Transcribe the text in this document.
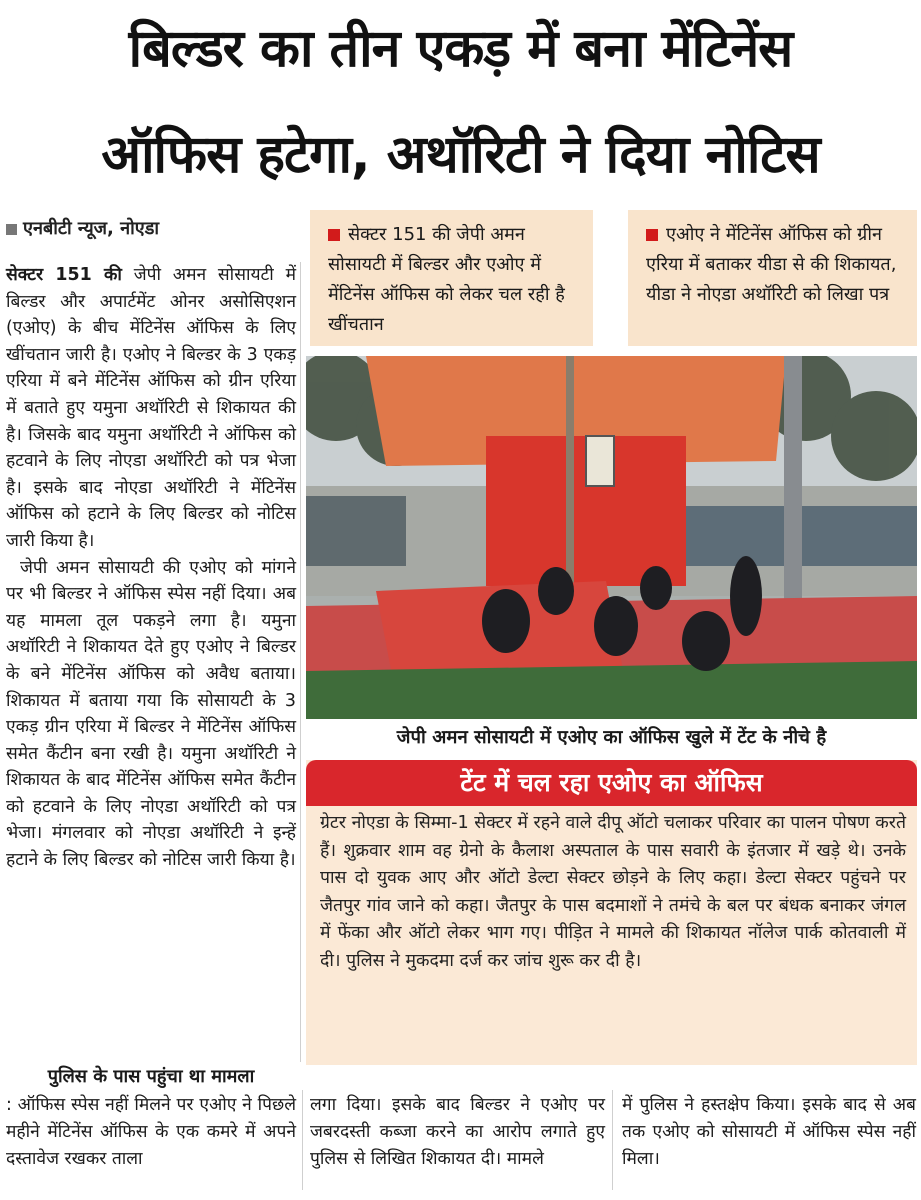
बिल्डर का तीन एकड़ में बना मेंटिनेंस
ऑफिस हटेगा, अथॉरिटी ने दिया नोटिस
एनबीटी न्यूज, नोएडा

सेक्टर 151 की जेपी अमन सोसायटी में बिल्डर और अपार्टमेंट ओनर असोसिएशन (एओए) के बीच मेंटिनेंस ऑफिस के लिए खींचतान जारी है। एओए ने बिल्डर के 3 एकड़ एरिया में बने मेंटिनेंस ऑफिस को ग्रीन एरिया में बताते हुए यमुना अथॉरिटी से शिकायत की है। जिसके बाद यमुना अथॉरिटी ने ऑफिस को हटवाने के लिए नोएडा अथॉरिटी को पत्र भेजा है। इसके बाद नोएडा अथॉरिटी ने मेंटिनेंस ऑफिस को हटाने के लिए बिल्डर को नोटिस जारी किया है।

जेपी अमन सोसायटी की एओए को मांगने पर भी बिल्डर ने ऑफिस स्पेस नहीं दिया। अब यह मामला तूल पकड़ने लगा है। यमुना अथॉरिटी ने शिकायत देते हुए एओए ने बिल्डर के बने मेंटिनेंस ऑफिस को अवैध बताया। शिकायत में बताया गया कि सोसायटी के 3 एकड़ ग्रीन एरिया में बिल्डर ने मेंटिनेंस ऑफिस समेत कैंटीन बना रखी है। यमुना अथॉरिटी ने शिकायत के बाद मेंटिनेंस ऑफिस समेत कैंटीन को हटवाने के लिए नोएडा अथॉरिटी को पत्र भेजा। मंगलवार को नोएडा अथॉरिटी ने इन्हें हटाने के लिए बिल्डर को नोटिस जारी किया है।

पुलिस के पास पहुंचा था मामला
: ऑफिस स्पेस नहीं मिलने पर एओए ने पिछले महीने मेंटिनेंस ऑफिस के एक कमरे में अपने दस्तावेज रखकर ताला
सेक्टर 151 की जेपी अमन सोसायटी में बिल्डर और एओए में मेंटिनेंस ऑफिस को लेकर चल रही है खींचतान
एओए ने मेंटिनेंस ऑफिस को ग्रीन एरिया में बताकर यीडा से की शिकायत, यीडा ने नोएडा अथॉरिटी को लिखा पत्र
जेपी अमन सोसायटी में एओए का ऑफिस खुले में टेंट के नीचे है
टेंट में चल रहा एओए का ऑफिस
ग्रेटर नोएडा के सिम्मा-1 सेक्टर में रहने वाले दीपू ऑटो चलाकर परिवार का पालन पोषण करते हैं। शुक्रवार शाम वह ग्रेनो के कैलाश अस्पताल के पास सवारी के इंतजार में खड़े थे। उनके पास दो युवक आए और ऑटो डेल्टा सेक्टर छोड़ने के लिए कहा। डेल्टा सेक्टर पहुंचने पर जैतपुर गांव जाने को कहा। जैतपुर के पास बदमाशों ने तमंचे के बल पर बंधक बनाकर जंगल में फेंका और ऑटो लेकर भाग गए। पीड़ित ने मामले की शिकायत नॉलेज पार्क कोतवाली में दी। पुलिस ने मुकदमा दर्ज कर जांच शुरू कर दी है।
लगा दिया। इसके बाद बिल्डर ने एओए पर जबरदस्ती कब्जा करने का आरोप लगाते हुए पुलिस से लिखित शिकायत दी। मामले
में पुलिस ने हस्तक्षेप किया। इसके बाद से अब तक एओए को सोसायटी में ऑफिस स्पेस नहीं मिला।
